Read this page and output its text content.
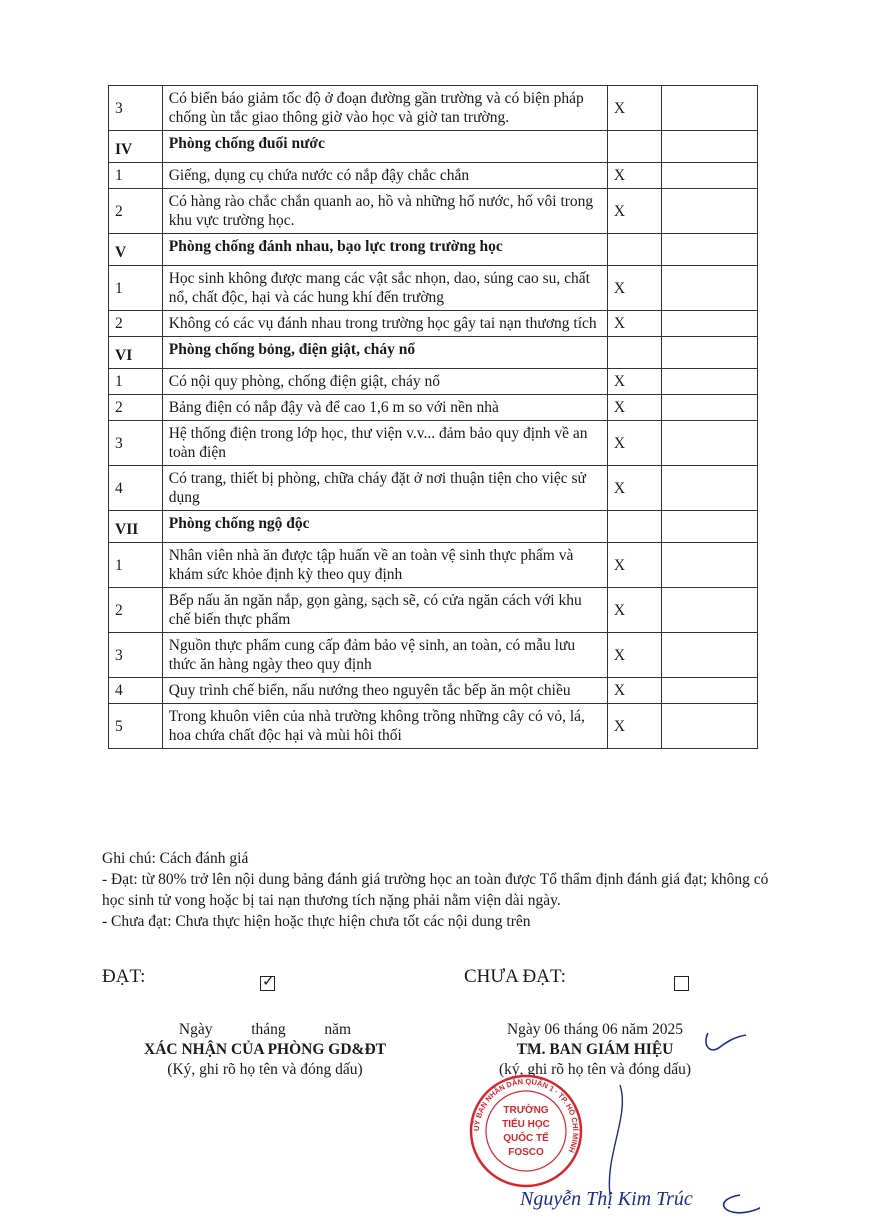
3	Có biển báo giảm tốc độ ở đoạn đường gần trường và có biện pháp chống ùn tắc giao thông giờ vào học và giờ tan trường.	X	
IV	Phòng chống đuối nước		
1	Giếng, dụng cụ chứa nước có nắp đậy chắc chắn	X	
2	Có hàng rào chắc chắn quanh ao, hồ và những hố nước, hố vôi trong khu vực trường học.	X	
V	Phòng chống đánh nhau, bạo lực trong trường học		
1	Học sinh không được mang các vật sắc nhọn, dao, súng cao su, chất nổ, chất độc, hại và các hung khí đến trường	X	
2	Không có các vụ đánh nhau trong trường học gây tai nạn thương tích	X	
VI	Phòng chống bỏng, điện giật, cháy nổ		
1	Có nội quy phòng, chống điện giật, cháy nổ	X	
2	Bảng điện có nắp đậy và để cao 1,6 m so với nền nhà	X	
3	Hệ thống điện trong lớp học, thư viện v.v... đảm bảo quy định về an toàn điện	X	
4	Có trang, thiết bị phòng, chữa cháy đặt ở nơi thuận tiện cho việc sử dụng	X	
VII	Phòng chống ngộ độc		
1	Nhân viên nhà ăn được tập huấn về an toàn vệ sinh thực phẩm và khám sức khỏe định kỳ theo quy định	X	
2	Bếp nấu ăn ngăn nắp, gọn gàng, sạch sẽ, có cửa ngăn cách với khu chế biến thực phẩm	X	
3	Nguồn thực phẩm cung cấp đảm bảo vệ sinh, an toàn, có mẫu lưu thức ăn hàng ngày theo quy định	X	
4	Quy trình chế biến, nấu nướng theo nguyên tắc bếp ăn một chiều	X	
5	Trong khuôn viên của nhà trường không trồng những cây có vỏ, lá, hoa chứa chất độc hại và mùi hôi thối	X	

Ghi chú: Cách đánh giá

- Đạt: từ 80% trở lên nội dung bảng đánh giá trường học an toàn được Tổ thẩm định đánh giá đạt; không có học sinh tử vong hoặc bị tai nạn thương tích nặng phải nằm viện dài ngày.

- Chưa đạt: Chưa thực hiện hoặc thực hiện chưa tốt các nội dung trên

ĐẠT:	✓	CHƯA ĐẠT:
Ngày	tháng	năm
XÁC NHẬN CỦA PHÒNG GD&ĐT
(Ký, ghi rõ họ tên và đóng dấu)
Ngày 06 tháng 06 năm 2025
TM. BAN GIÁM HIỆU
(ký, ghi rõ họ tên và đóng dấu)
UỶ BAN NHÂN DÂN QUẬN 1 · TP. HỒ CHÍ MINH
TRƯỜNG
TIỂU HỌC
QUỐC TẾ
FOSCO
Nguyễn Thị Kim Trúc
